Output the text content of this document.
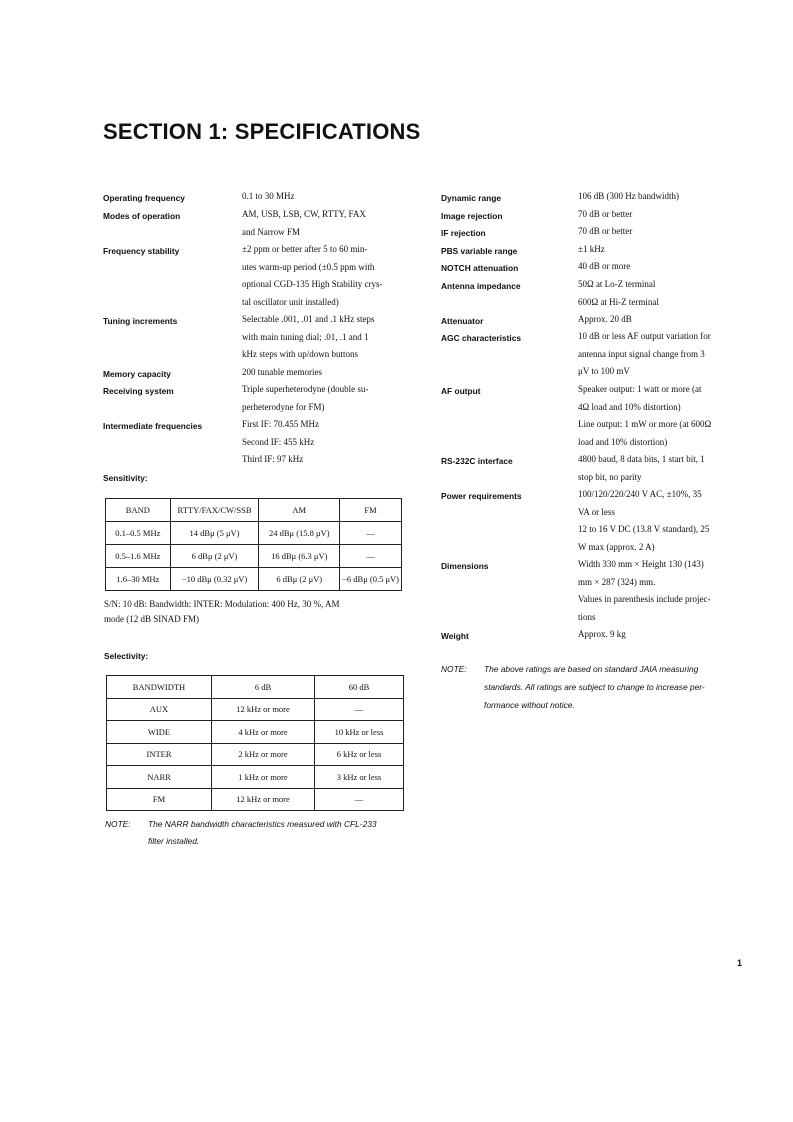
SECTION 1: SPECIFICATIONS
Operating frequency	0.1 to 30 MHz
Modes of operation	AM, USB, LSB, CW, RTTY, FAX
and Narrow FM
Frequency stability	±2 ppm or better after 5 to 60 min-
utes warm-up period (±0.5 ppm with
optional CGD-135 High Stability crys-
tal oscillator unit installed)
Tuning increments	Selectable .001, .01 and .1 kHz steps
with main tuning dial; .01, .1 and 1
kHz steps with up/down buttons
Memory capacity	200 tunable memories
Receiving system	Triple superheterodyne (double su-
perheterodyne for FM)
Intermediate frequencies	First IF: 70.455 MHz
Second IF: 455 kHz
Third IF: 97 kHz
Sensitivity:
BAND	RTTY/FAX/CW/SSB	AM	FM
0.1–0.5 MHz	14 dBμ (5 μV)	24 dBμ (15.8 μV)	—
0.5–1.6 MHz	6 dBμ (2 μV)	16 dBμ (6.3 μV)	—
1.6–30 MHz	−10 dBμ (0.32 μV)	6 dBμ (2 μV)	−6 dBμ (0.5 μV)
S/N: 10 dB: Bandwidth: INTER: Modulation: 400 Hz, 30 %, AM
mode (12 dB SINAD FM)
Selectivity:
BANDWIDTH	6 dB	60 dB
AUX	12 kHz or more	—
WIDE	4 kHz or more	10 kHz or less
INTER	2 kHz or more	6 kHz or less
NARR	1 kHz or more	3 kHz or less
FM	12 kHz or more	—
NOTE: The NARR bandwidth characteristics measured with CFL-233
filter installed.
Dynamic range	106 dB (300 Hz bandwidth)
Image rejection	70 dB or better
IF rejection	70 dB or better
PBS variable range	±1 kHz
NOTCH attenuation	40 dB or more
Antenna impedance	50Ω at Lo-Z terminal
600Ω at Hi-Z terminal
Attenuator	Approx. 20 dB
AGC characteristics	10 dB or less AF output variation for
antenna input signal change from 3
μV to 100 mV
AF output	Speaker output: 1 watt or more (at
4Ω load and 10% distortion)
Line output: 1 mW or more (at 600Ω
load and 10% distortion)
RS-232C interface	4800 baud, 8 data bits, 1 start bit, 1
stop bit, no parity
Power requirements	100/120/220/240 V AC, ±10%, 35
VA or less
12 to 16 V DC (13.8 V standard), 25
W max (approx. 2 A)
Dimensions	Width 330 mm × Height 130 (143)
mm × 287 (324) mm.
Values in parenthesis include projec-
tions
Weight	Approx. 9 kg
NOTE: The above ratings are based on standard JAIA measuring
standards. All ratings are subject to change to increase per-
formance without notice.
1
